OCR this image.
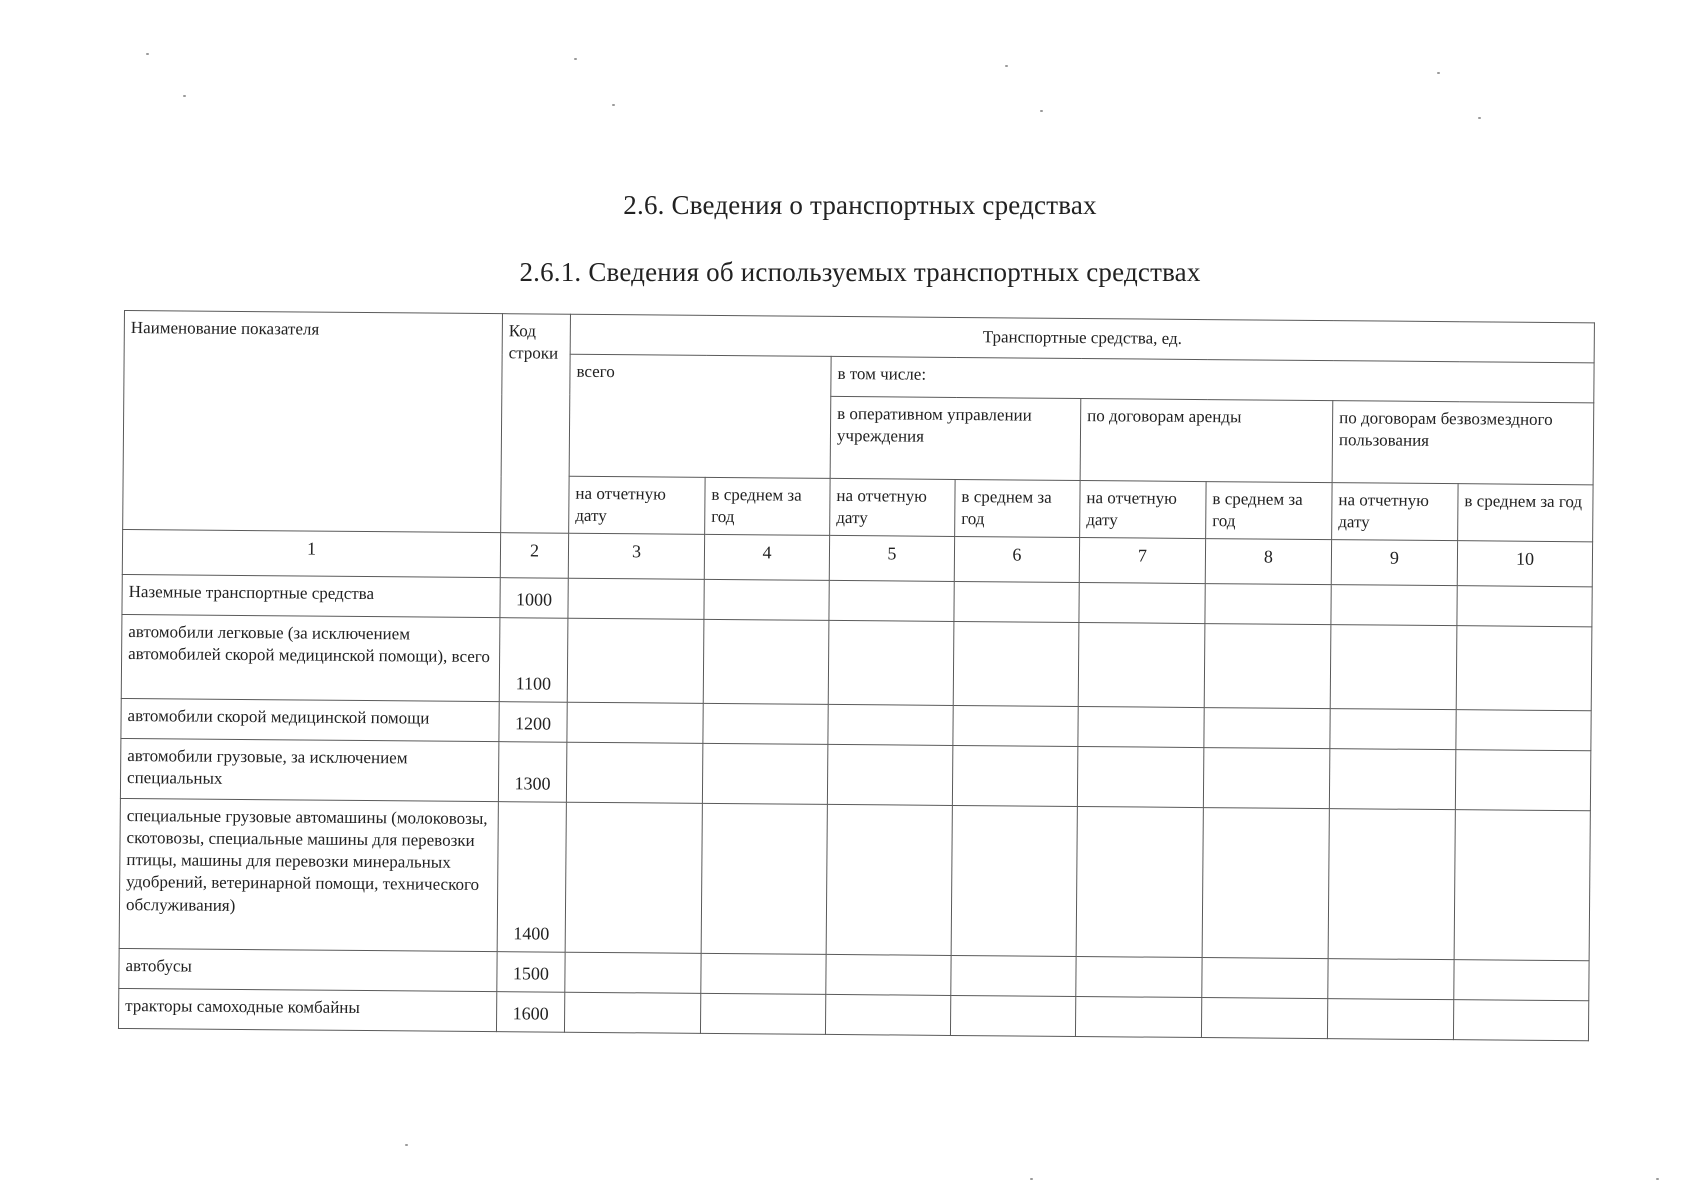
2.6. Сведения о транспортных средствах
2.6.1. Сведения об используемых транспортных средствах
Наименование показателя	Код строки	Транспортные средства, ед.							
		всего		в том числе:					
				в оперативном управлении учреждения		по договорам аренды		по договорам безвозмездного пользования	
		на отчетную дату	в среднем за год	на отчетную дату	в среднем за год	на отчетную дату	в среднем за год	на отчетную дату	в среднем за год
1	2	3	4	5	6	7	8	9	10
Наземные транспортные средства	1000								
автомобили легковые (за исключением автомобилей скорой медицинской помощи), всего	1100								
автомобили скорой медицинской помощи	1200								
автомобили грузовые, за исключением специальных	1300								
специальные грузовые автомашины (молоковозы, скотовозы, специальные машины для перевозки птицы, машины для перевозки минеральных удобрений, ветеринарной помощи, технического обслуживания)	1400								
автобусы	1500								
тракторы самоходные комбайны	1600								
